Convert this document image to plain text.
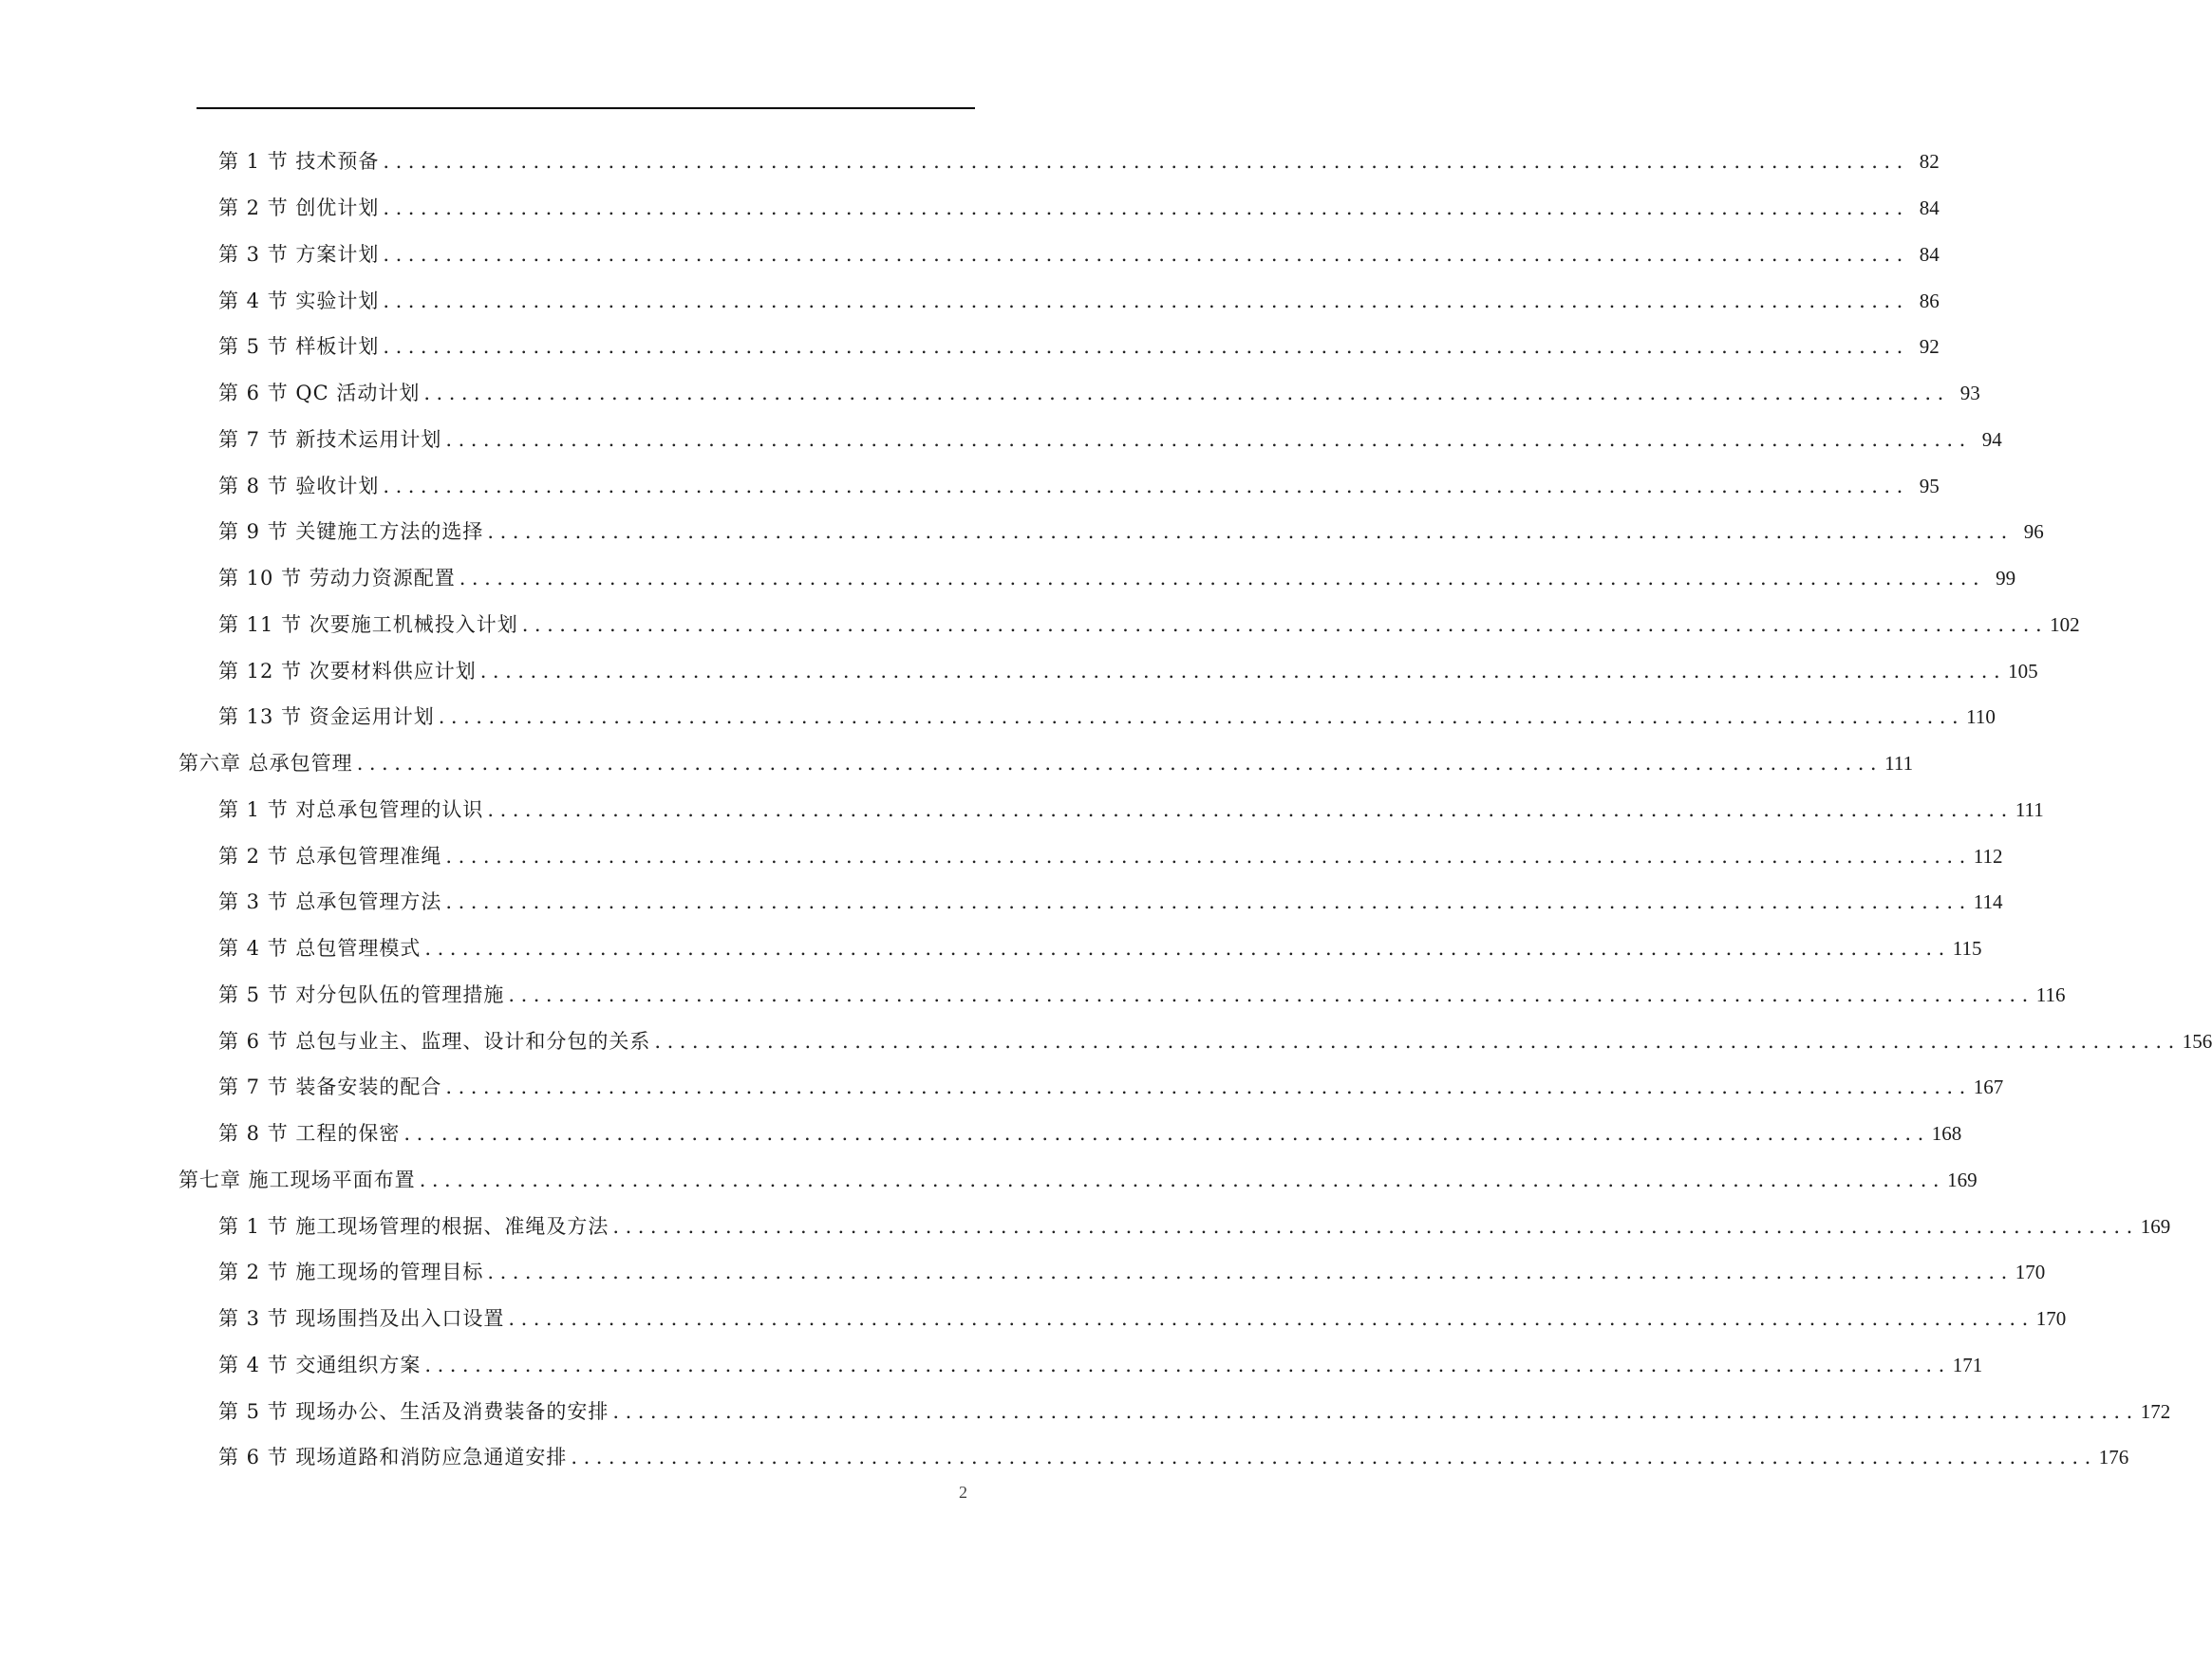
第 1 节 技术预备 .....	82
第 2 节 创优计划 .....	84
第 3 节 方案计划 .....	84
第 4 节 实验计划 .....	86
第 5 节 样板计划 .....	92
第 6 节 QC 活动计划 .....	93
第 7 节 新技术运用计划 .....	94
第 8 节 验收计划 .....	95
第 9 节 关键施工方法的选择 .....	96
第 10 节 劳动力资源配置 .....	99
第 11 节 次要施工机械投入计划 .....	102
第 12 节 次要材料供应计划 .....	105
第 13 节 资金运用计划 .....	110
第六章 总承包管理 .....	111
第 1 节 对总承包管理的认识 .....	111
第 2 节 总承包管理准绳 .....	112
第 3 节 总承包管理方法 .....	114
第 4 节 总包管理模式 .....	115
第 5 节 对分包队伍的管理措施 .....	116
第 6 节 总包与业主、监理、设计和分包的关系 .....	156
第 7 节 装备安装的配合 .....	167
第 8 节 工程的保密 .....	168
第七章 施工现场平面布置 .....	169
第 1 节 施工现场管理的根据、准绳及方法 .....	169
第 2 节 施工现场的管理目标 .....	170
第 3 节 现场围挡及出入口设置 .....	170
第 4 节 交通组织方案 .....	171
第 5 节 现场办公、生活及消费装备的安排 .....	172
第 6 节 现场道路和消防应急通道安排 .....	176
2
